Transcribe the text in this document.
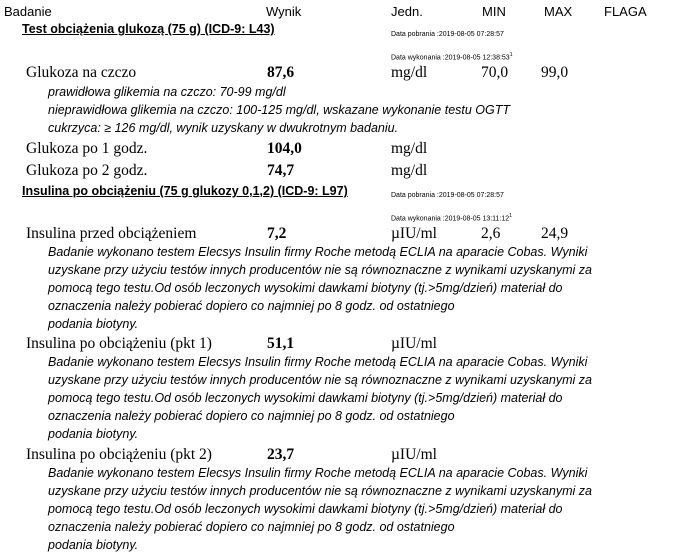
Badanie	Wynik	Jedn.	MIN	MAX FLAGA
Test obciążenia glukozą (75 g) (ICD-9: L43)	Data pobrania :2019-08-05 07:28:57
Data wykonania :2019-08-05 $12:38:53^1$
Glukoza na czczo	87,6	mg/dl	70,0 99,0
prawidłowa glikemia na czczo: 70-99 mg/dl
nieprawidłowa glikemia na czczo: 100-125 mg/dl, wskazane wykonanie testu OGTT
cukrzyca: ≥ 126 mg/dl, wynik uzyskany w dwukrotnym badaniu.
Glukoza po 1 godz.	104,0	mg/dl
Glukoza po 2 godz.	74,7	mg/dl
Insulina po obciążeniu (75 g glukozy 0,1,2) (ICD-9: L97)	Data pobrania :2019-08-05 07:28:57
Data wykonania :2019-08-05 $13:11:12^1$
Insulina przed obciążeniem	7,2	µIU/ml	2,6	24,9
Badanie wykonano testem Elecsys Insulin firmy Roche metodą ECLIA na aparacie Cobas. Wyniki
uzyskane przy użyciu testów innych producentów nie są równoznaczne z wynikami uzyskanymi za
pomocą tego testu.Od osób leczonych wysokimi dawkami biotyny (tj.>5mg/dzień) materiał do
oznaczenia należy pobierać dopiero co najmniej po 8 godz. od ostatniego
podania biotyny.
Insulina po obciążeniu (pkt 1)	51,1	µIU/ml
Badanie wykonano testem Elecsys Insulin firmy Roche metodą ECLIA na aparacie Cobas. Wyniki
uzyskane przy użyciu testów innych producentów nie są równoznaczne z wynikami uzyskanymi za
pomocą tego testu.Od osób leczonych wysokimi dawkami biotyny (tj.>5mg/dzień) materiał do
oznaczenia należy pobierać dopiero co najmniej po 8 godz. od ostatniego
podania biotyny.
Insulina po obciążeniu (pkt 2)	23,7	µIU/ml
Badanie wykonano testem Elecsys Insulin firmy Roche metodą ECLIA na aparacie Cobas. Wyniki
uzyskane przy użyciu testów innych producentów nie są równoznaczne z wynikami uzyskanymi za
pomocą tego testu.Od osób leczonych wysokimi dawkami biotyny (tj.>5mg/dzień) materiał do
oznaczenia należy pobierać dopiero co najmniej po 8 godz. od ostatniego
podania biotyny.
